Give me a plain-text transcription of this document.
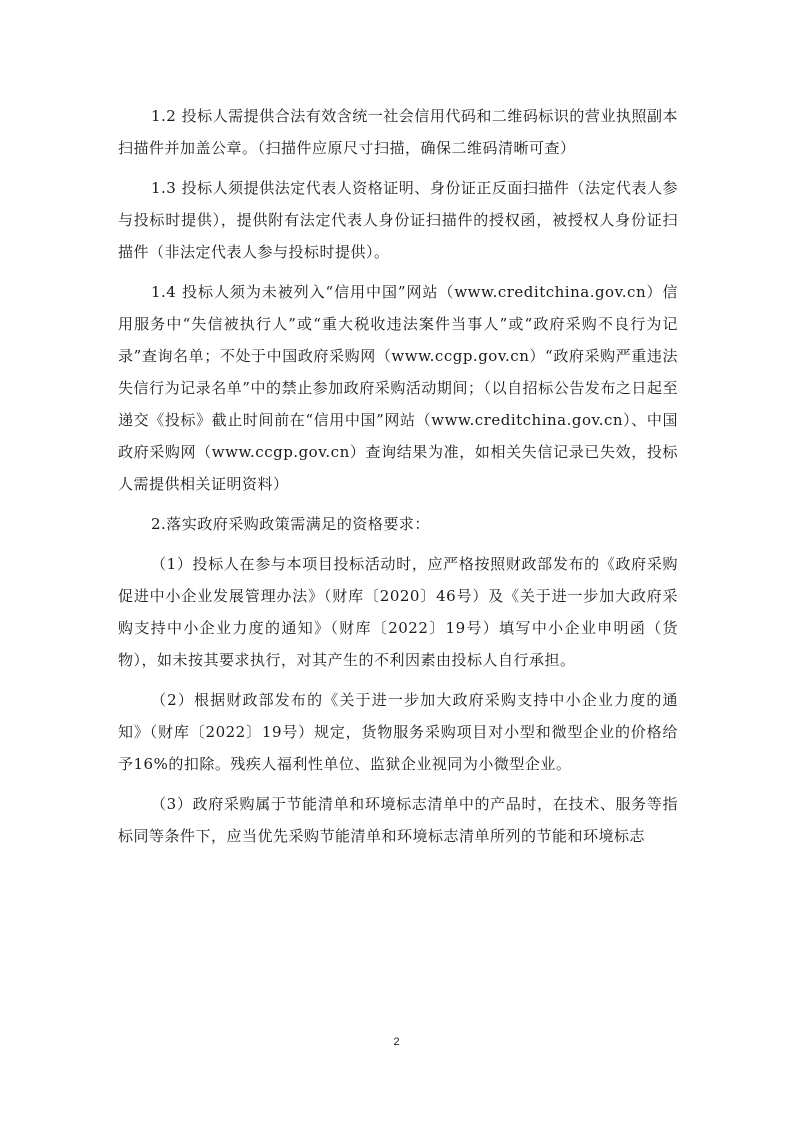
1.2 投标人需提供合法有效含统一社会信用代码和二维码标识的营业执照副本扫描件并加盖公章。（扫描件应原尺寸扫描，确保二维码清晰可查）

1.3 投标人须提供法定代表人资格证明、身份证正反面扫描件（法定代表人参与投标时提供），提供附有法定代表人身份证扫描件的授权函，被授权人身份证扫描件（非法定代表人参与投标时提供）。

1.4 投标人须为未被列入“信用中国”网站（www.creditchina.gov.cn）信用服务中“失信被执行人”或“重大税收违法案件当事人”或“政府采购不良行为记录”查询名单；不处于中国政府采购网（www.ccgp.gov.cn）“政府采购严重违法失信行为记录名单”中的禁止参加政府采购活动期间；（以自招标公告发布之日起至递交《投标》截止时间前在“信用中国”网站（www.creditchina.gov.cn）、中国政府采购网（www.ccgp.gov.cn）查询结果为准，如相关失信记录已失效，投标人需提供相关证明资料）

2.落实政府采购政策需满足的资格要求：

（1）投标人在参与本项目投标活动时，应严格按照财政部发布的《政府采购促进中小企业发展管理办法》（财库〔2020〕46号）及《关于进一步加大政府采购支持中小企业力度的通知》（财库〔2022〕19号）填写中小企业申明函（货物），如未按其要求执行，对其产生的不利因素由投标人自行承担。

（2）根据财政部发布的《关于进一步加大政府采购支持中小企业力度的通知》（财库〔2022〕19号）规定，货物服务采购项目对小型和微型企业的价格给予16%的扣除。残疾人福利性单位、监狱企业视同为小微型企业。

（3）政府采购属于节能清单和环境标志清单中的产品时，在技术、服务等指标同等条件下，应当优先采购节能清单和环境标志清单所列的节能和环境标志

2
